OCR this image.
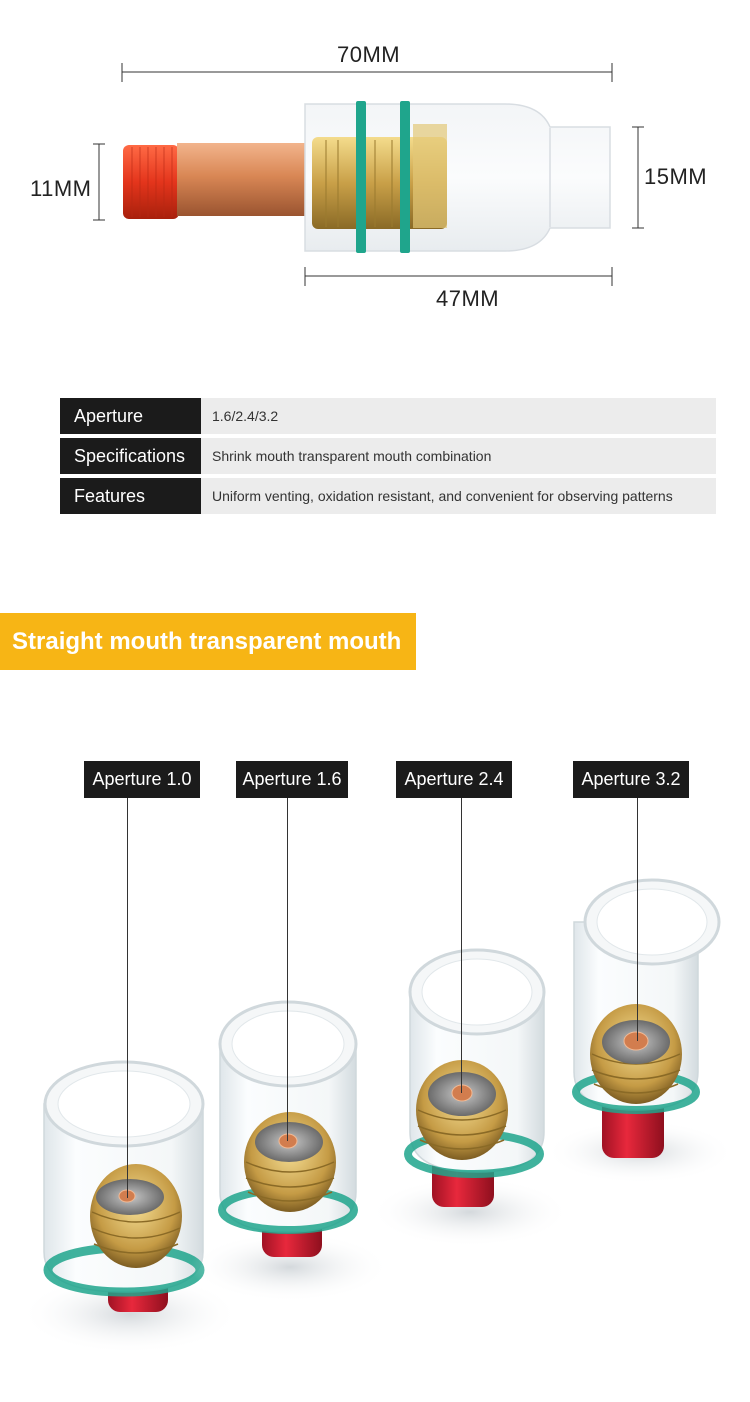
70MM
11MM	15MM
47MM
Aperture	1.6/2.4/3.2
Specifications	Shrink mouth transparent mouth combination
Features	Uniform venting, oxidation resistant, and convenient for observing patterns
Straight mouth transparent mouth
Aperture 1.0	Aperture 1.6	Aperture 2.4	Aperture 3.2
